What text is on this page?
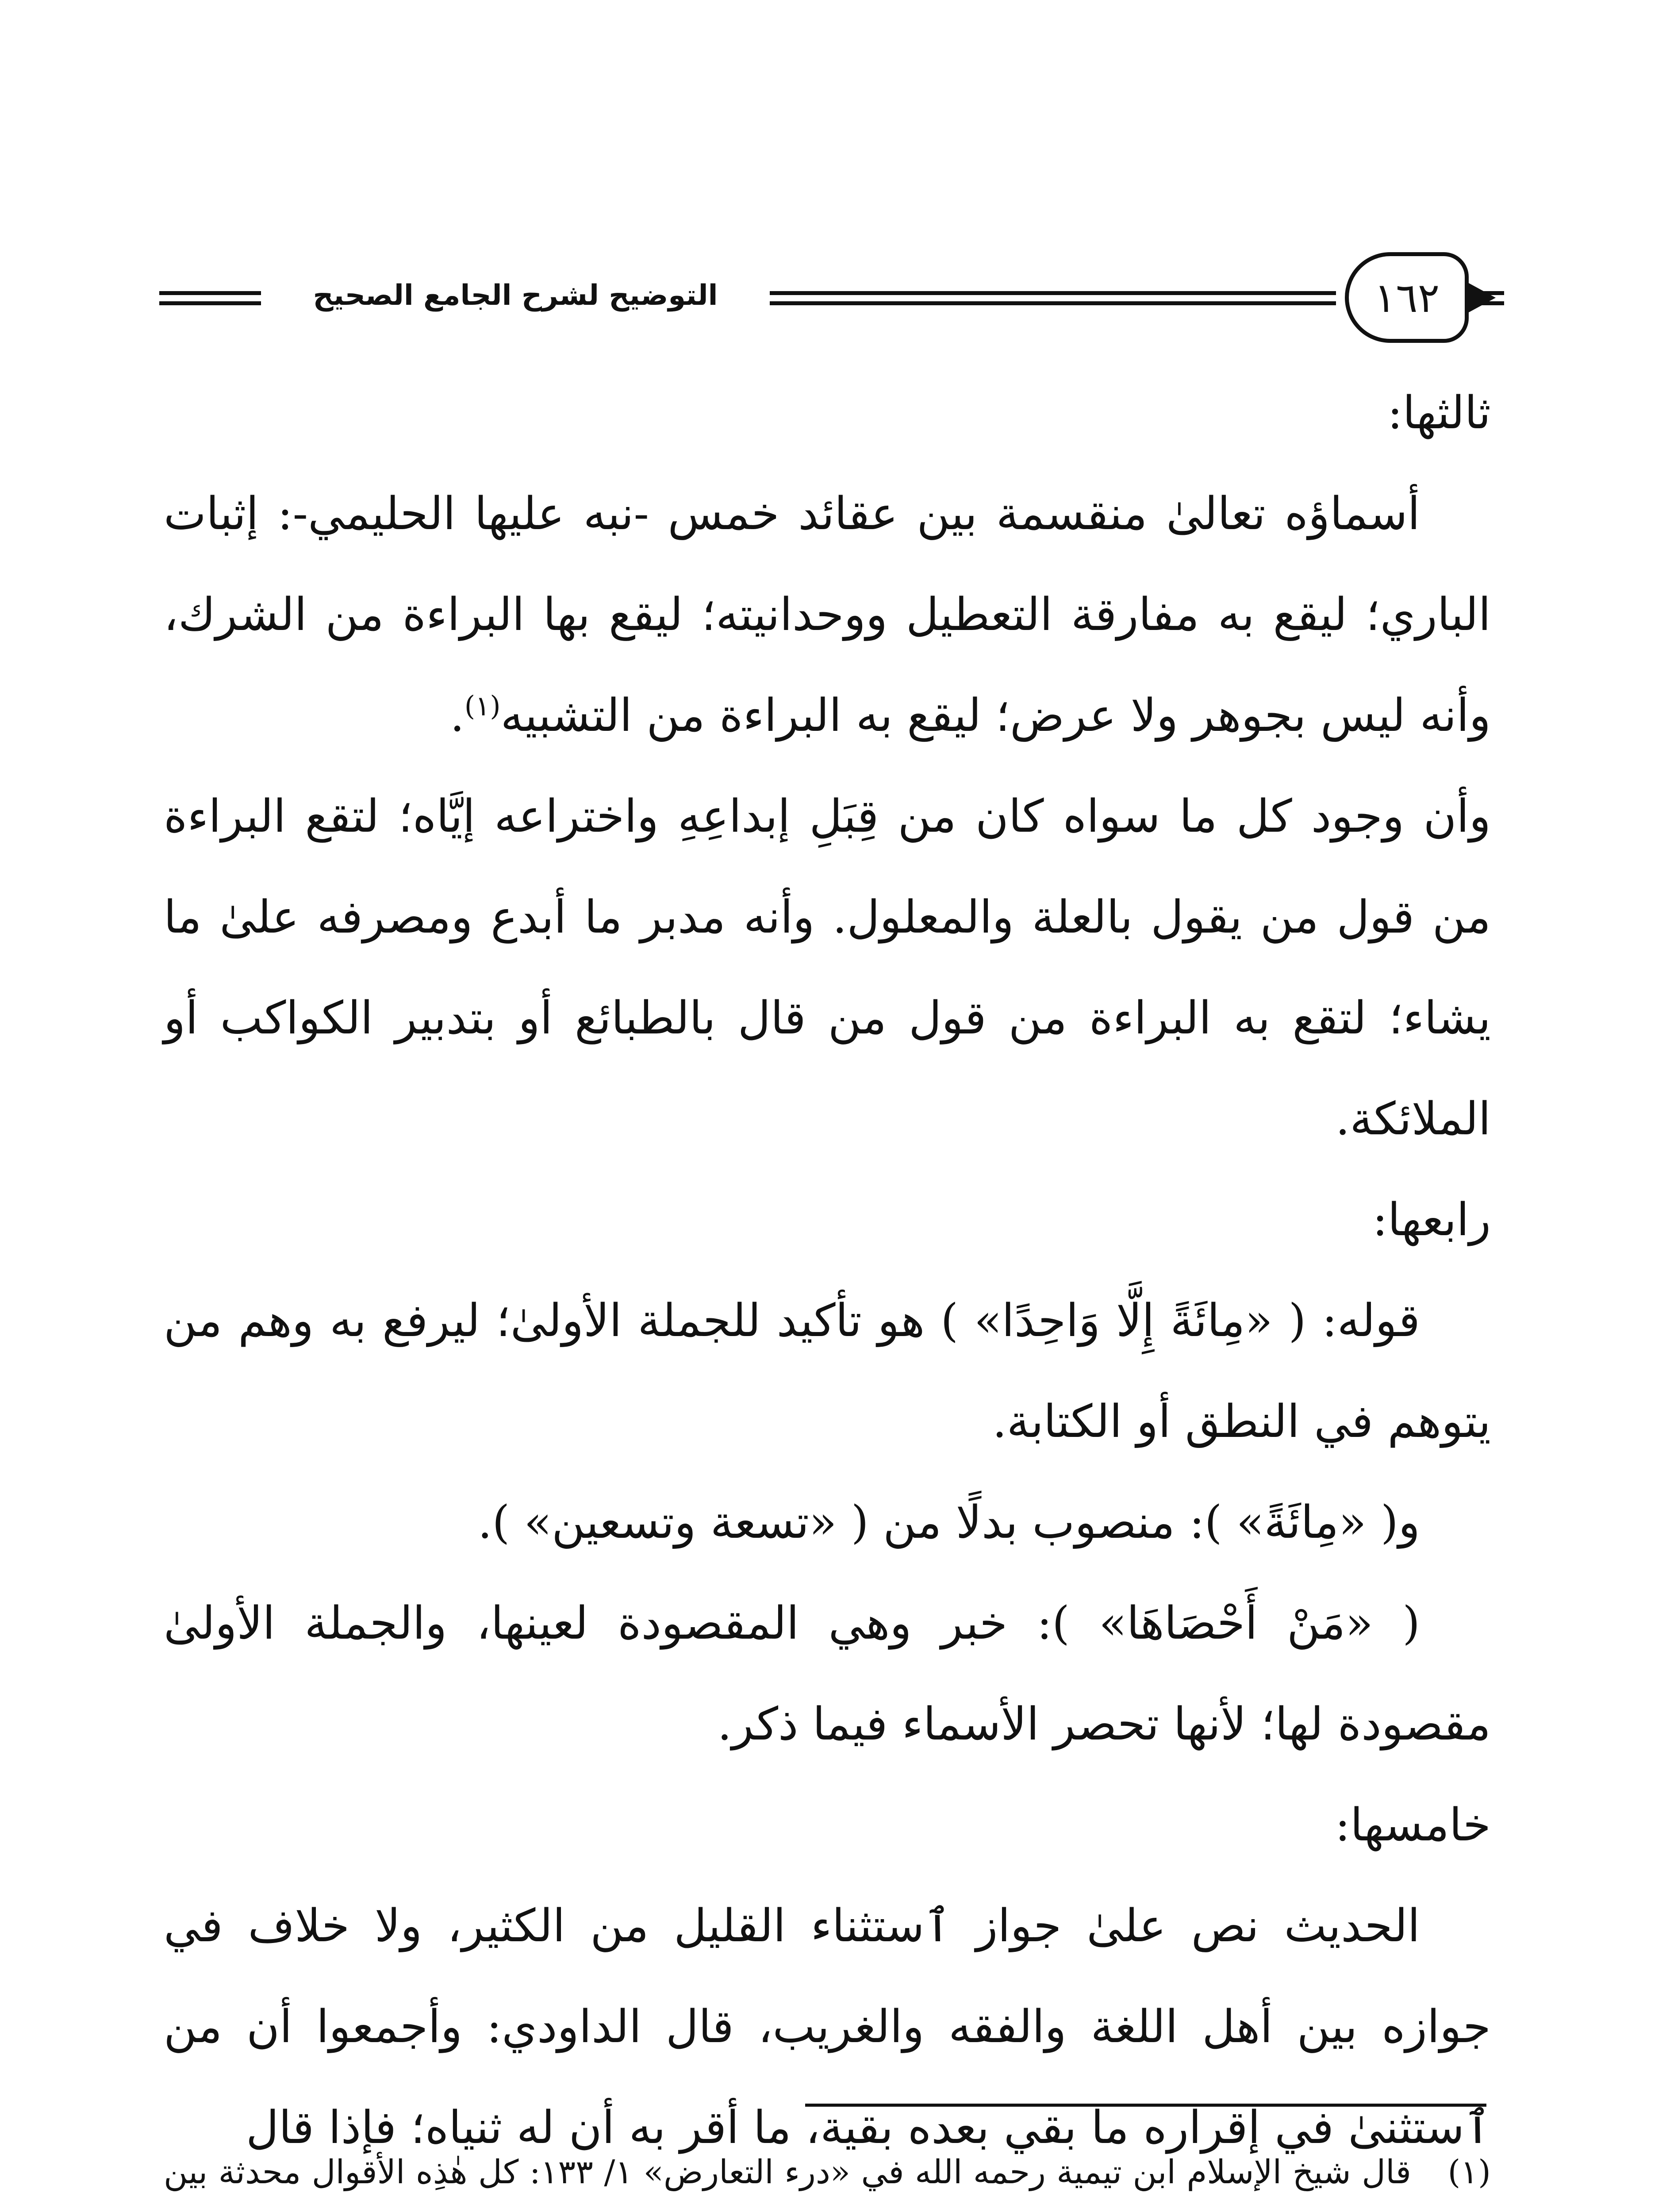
التوضيح لشرح الجامع الصحيح	١٦٢

ثالثها:

أسماؤه تعالىٰ منقسمة بين عقائد خمس -نبه عليها الحليمي-: إثبات الباري؛ ليقع به مفارقة التعطيل ووحدانيته؛ ليقع بها البراءة من الشرك، وأنه ليس بجوهر ولا عرض؛ ليقع به البراءة من التشبيه$^{(١)}$.

وأن وجود كل ما سواه كان من قِبَلِ إبداعِهِ واختراعه إيَّاه؛ لتقع البراءة من قول من يقول بالعلة والمعلول. وأنه مدبر ما أبدع ومصرفه علىٰ ما يشاء؛ لتقع به البراءة من قول من قال بالطبائع أو بتدبير الكواكب أو الملائكة.

رابعها:

قوله: ( «مِائَةً إِلَّا وَاحِدًا» ) هو تأكيد للجملة الأولىٰ؛ ليرفع به وهم من يتوهم في النطق أو الكتابة.

و( «مِائَةً» ): منصوب بدلًا من ( «تسعة وتسعين» ).

( «مَنْ أَحْصَاهَا» ): خبر وهي المقصودة لعينها، والجملة الأولىٰ مقصودة لها؛ لأنها تحصر الأسماء فيما ذكر.

خامسها:

الحديث نص علىٰ جواز ٱستثناء القليل من الكثير، ولا خلاف في جوازه بين أهل اللغة والفقه والغريب، قال الداودي: وأجمعوا أن من ٱستثنىٰ في إقراره ما بقي بعده بقية، ما أقر به أن له ثنياه؛ فإذا قال

(١)قال شيخ الإسلام ابن تيمية رحمه الله في «درء التعارض» ١/ ١٣٣: كل هٰذِه الأقوال محدثة بين
